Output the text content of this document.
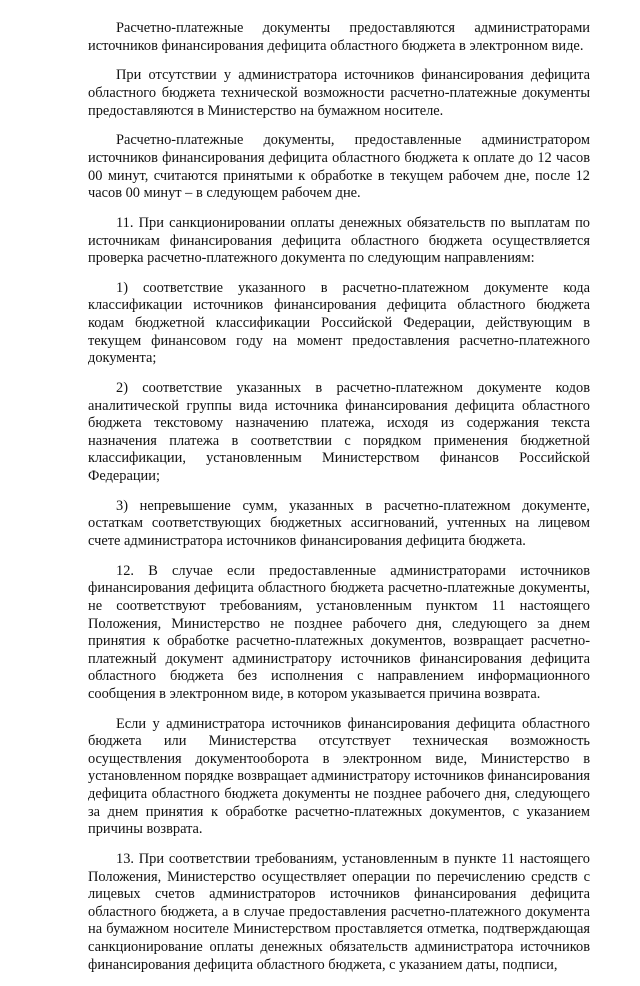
Расчетно-платежные документы предоставляются администраторами источников финансирования дефицита областного бюджета в электронном виде.

При отсутствии у администратора источников финансирования дефицита областного бюджета технической возможности расчетно-платежные документы предоставляются в Министерство на бумажном носителе.

Расчетно-платежные документы, предоставленные администратором источников финансирования дефицита областного бюджета к оплате до 12 часов 00 минут, считаются принятыми к обработке в текущем рабочем дне, после 12 часов 00 минут – в следующем рабочем дне.

11. При санкционировании оплаты денежных обязательств по выплатам по источникам финансирования дефицита областного бюджета осуществляется проверка расчетно-платежного документа по следующим направлениям:

1) соответствие указанного в расчетно-платежном документе кода классификации источников финансирования дефицита областного бюджета кодам бюджетной классификации Российской Федерации, действующим в текущем финансовом году на момент предоставления расчетно-платежного документа;

2) соответствие указанных в расчетно-платежном документе кодов аналитической группы вида источника финансирования дефицита областного бюджета текстовому назначению платежа, исходя из содержания текста назначения платежа в соответствии с порядком применения бюджетной классификации, установленным Министерством финансов Российской Федерации;

3) непревышение сумм, указанных в расчетно-платежном документе, остаткам соответствующих бюджетных ассигнований, учтенных на лицевом счете администратора источников финансирования дефицита бюджета.

12. В случае если предоставленные администраторами источников финансирования дефицита областного бюджета расчетно-платежные документы, не соответствуют требованиям, установленным пунктом 11 настоящего Положения, Министерство не позднее рабочего дня, следующего за днем принятия к обработке расчетно-платежных документов, возвращает расчетно-платежный документ администратору источников финансирования дефицита областного бюджета без исполнения с направлением информационного сообщения в электронном виде, в котором указывается причина возврата.

Если у администратора источников финансирования дефицита областного бюджета или Министерства отсутствует техническая возможность осуществления документооборота в электронном виде, Министерство в установленном порядке возвращает администратору источников финансирования дефицита областного бюджета документы не позднее рабочего дня, следующего за днем принятия к обработке расчетно-платежных документов, с указанием причины возврата.

13. При соответствии требованиям, установленным в пункте 11 настоящего Положения, Министерство осуществляет операции по перечислению средств с лицевых счетов администраторов источников финансирования дефицита областного бюджета, а в случае предоставления расчетно-платежного документа на бумажном носителе Министерством проставляется отметка, подтверждающая санкционирование оплаты денежных обязательств администратора источников финансирования дефицита областного бюджета, с указанием даты, подписи,
